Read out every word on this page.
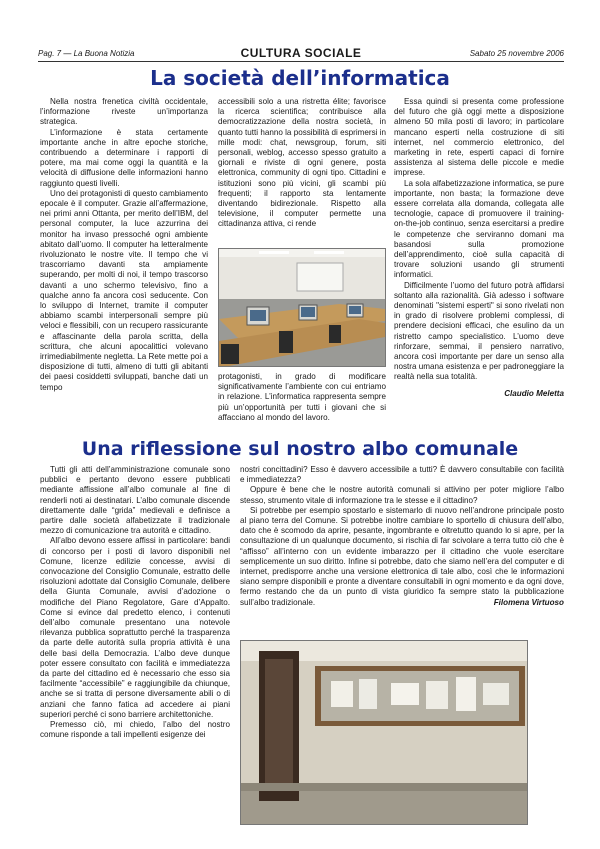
Pag. 7 — La Buona Notizia	CULTURA SOCIALE	Sabato 25 novembre 2006
La società dell’informatica

Nella nostra frenetica civiltà occidentale, l’informazione riveste un’importanza strategica.

L’informazione è stata certamente importante anche in altre epoche storiche, contribuendo a determinare i rapporti di potere, ma mai come oggi la quantità e la velocità di diffusione delle informazioni hanno raggiunto questi livelli.

Uno dei protagonisti di questo cambiamento epocale è il computer. Grazie all’affermazione, nei primi anni Ottanta, per merito dell’IBM, del personal computer, la luce azzurrina dei monitor ha invaso pressoché ogni ambiente abitato dall’uomo. Il computer ha letteralmente rivoluzionato le nostre vite. Il tempo che vi trascorriamo davanti sta ampiamente superando, per molti di noi, il tempo trascorso davanti a uno schermo televisivo, fino a qualche anno fa ancora così seducente. Con lo sviluppo di Internet, tramite il computer abbiamo scambi interpersonali sempre più veloci e flessibili, con un recupero rassicurante e affascinante della parola scritta, della scrittura, che alcuni apocalittici volevano irrimediabilmente negletta. La Rete mette poi a disposizione di tutti, almeno di tutti gli abitanti dei paesi cosiddetti sviluppati, banche dati un tempo

accessibili solo a una ristretta élite; favorisce la ricerca scientifica; contribuisce alla democratizzazione della nostra società, in quanto tutti hanno la possibilità di esprimersi in mille modi: chat, newsgroup, forum, siti personali, weblog, accesso spesso gratuito a giornali e riviste di ogni genere, posta elettronica, community di ogni tipo. Cittadini e istituzioni sono più vicini, gli scambi più frequenti; il rapporto sta lentamente diventando bidirezionale. Rispetto alla televisione, il computer permette una cittadinanza attiva, ci rende

protagonisti, in grado di modificare significativamente l’ambiente con cui entriamo in relazione. L’informatica rappresenta sempre più un’opportunità per tutti i giovani che si affacciano al mondo del lavoro.

Essa quindi si presenta come professione del futuro che già oggi mette a disposizione almeno 50 mila posti di lavoro; in particolare mancano esperti nella costruzione di siti internet, nel commercio elettronico, del marketing in rete, esperti capaci di fornire assistenza al sistema delle piccole e medie imprese.

La sola alfabetizzazione informatica, se pure importante, non basta; la formazione deve essere correlata alla domanda, collegata alle tecnologie, capace di promuovere il training-on-the-job continuo, senza esercitarsi a predire le competenze che serviranno domani ma basandosi sulla promozione dell’apprendimento, cioè sulla capacità di trovare soluzioni usando gli strumenti informatici.

Difficilmente l’uomo del futuro potrà affidarsi soltanto alla razionalità. Già adesso i software denominati "sistemi esperti" si sono rivelati non in grado di risolvere problemi complessi, di prendere decisioni efficaci, che esulino da un ristretto campo specialistico. L’uomo deve rinforzare, semmai, il pensiero narrativo, ancora così importante per dare un senso alla nostra umana esistenza e per padroneggiare la realtà nella sua totalità.

Claudio Meletta

Una riflessione sul nostro albo comunale

Tutti gli atti dell’amministrazione comunale sono pubblici e pertanto devono essere pubblicati mediante affissione all’albo comunale al fine di renderli noti ai destinatari. L’albo comunale discende direttamente dalle “grida” medievali e definisce a partire dalle società alfabetizzate il tradizionale mezzo di comunicazione tra autorità e cittadino.

All’albo devono essere affissi in particolare: bandi di concorso per i posti di lavoro disponibili nel Comune, licenze edilizie concesse, avvisi di convocazione del Consiglio Comunale, estratto delle risoluzioni adottate dal Consiglio Comunale, delibere della Giunta Comunale, avvisi d’adozione o modifiche del Piano Regolatore, Gare d’Appalto. Come si evince dal predetto elenco, i contenuti dell’albo comunale presentano una notevole rilevanza pubblica soprattutto perché la trasparenza da parte delle autorità sulla propria attività è una delle basi della Democrazia. L’albo deve dunque poter essere consultato con facilità e immediatezza da parte del cittadino ed è necessario che esso sia facilmente “accessibile” e raggiungibile da chiunque, anche se si tratta di persone diversamente abili o di anziani che fanno fatica ad accedere ai piani superiori perché ci sono barriere architettoniche.

Premesso ciò, mi chiedo, l’albo del nostro comune risponde a tali impellenti esigenze dei

nostri concittadini? Esso è davvero accessibile a tutti? È davvero consultabile con facilità e immediatezza?

Oppure è bene che le nostre autorità comunali si attivino per poter migliore l’albo stesso, strumento vitale di informazione tra le stesse e il cittadino?

Si potrebbe per esempio spostarlo e sistemarlo di nuovo nell’androne principale posto al piano terra del Comune. Si potrebbe inoltre cambiare lo sportello di chiusura dell’albo, dato che è scomodo da aprire, pesante, ingombrante e oltretutto quando lo si apre, per la consultazione di un qualunque documento, si rischia di far scivolare a terra tutto ciò che è “affisso” all’interno con un evidente imbarazzo per il cittadino che vuole esercitare semplicemente un suo diritto. Infine si potrebbe, dato che siamo nell’era del computer e di internet, predisporre anche una versione elettronica di tale albo, così che le informazioni siano sempre disponibili e pronte a diventare consultabili in ogni momento e da ogni dove, fermo restando che da un punto di vista giuridico fa sempre stato la pubblicazione sull’albo tradizionale.	Filomena Virtuoso
